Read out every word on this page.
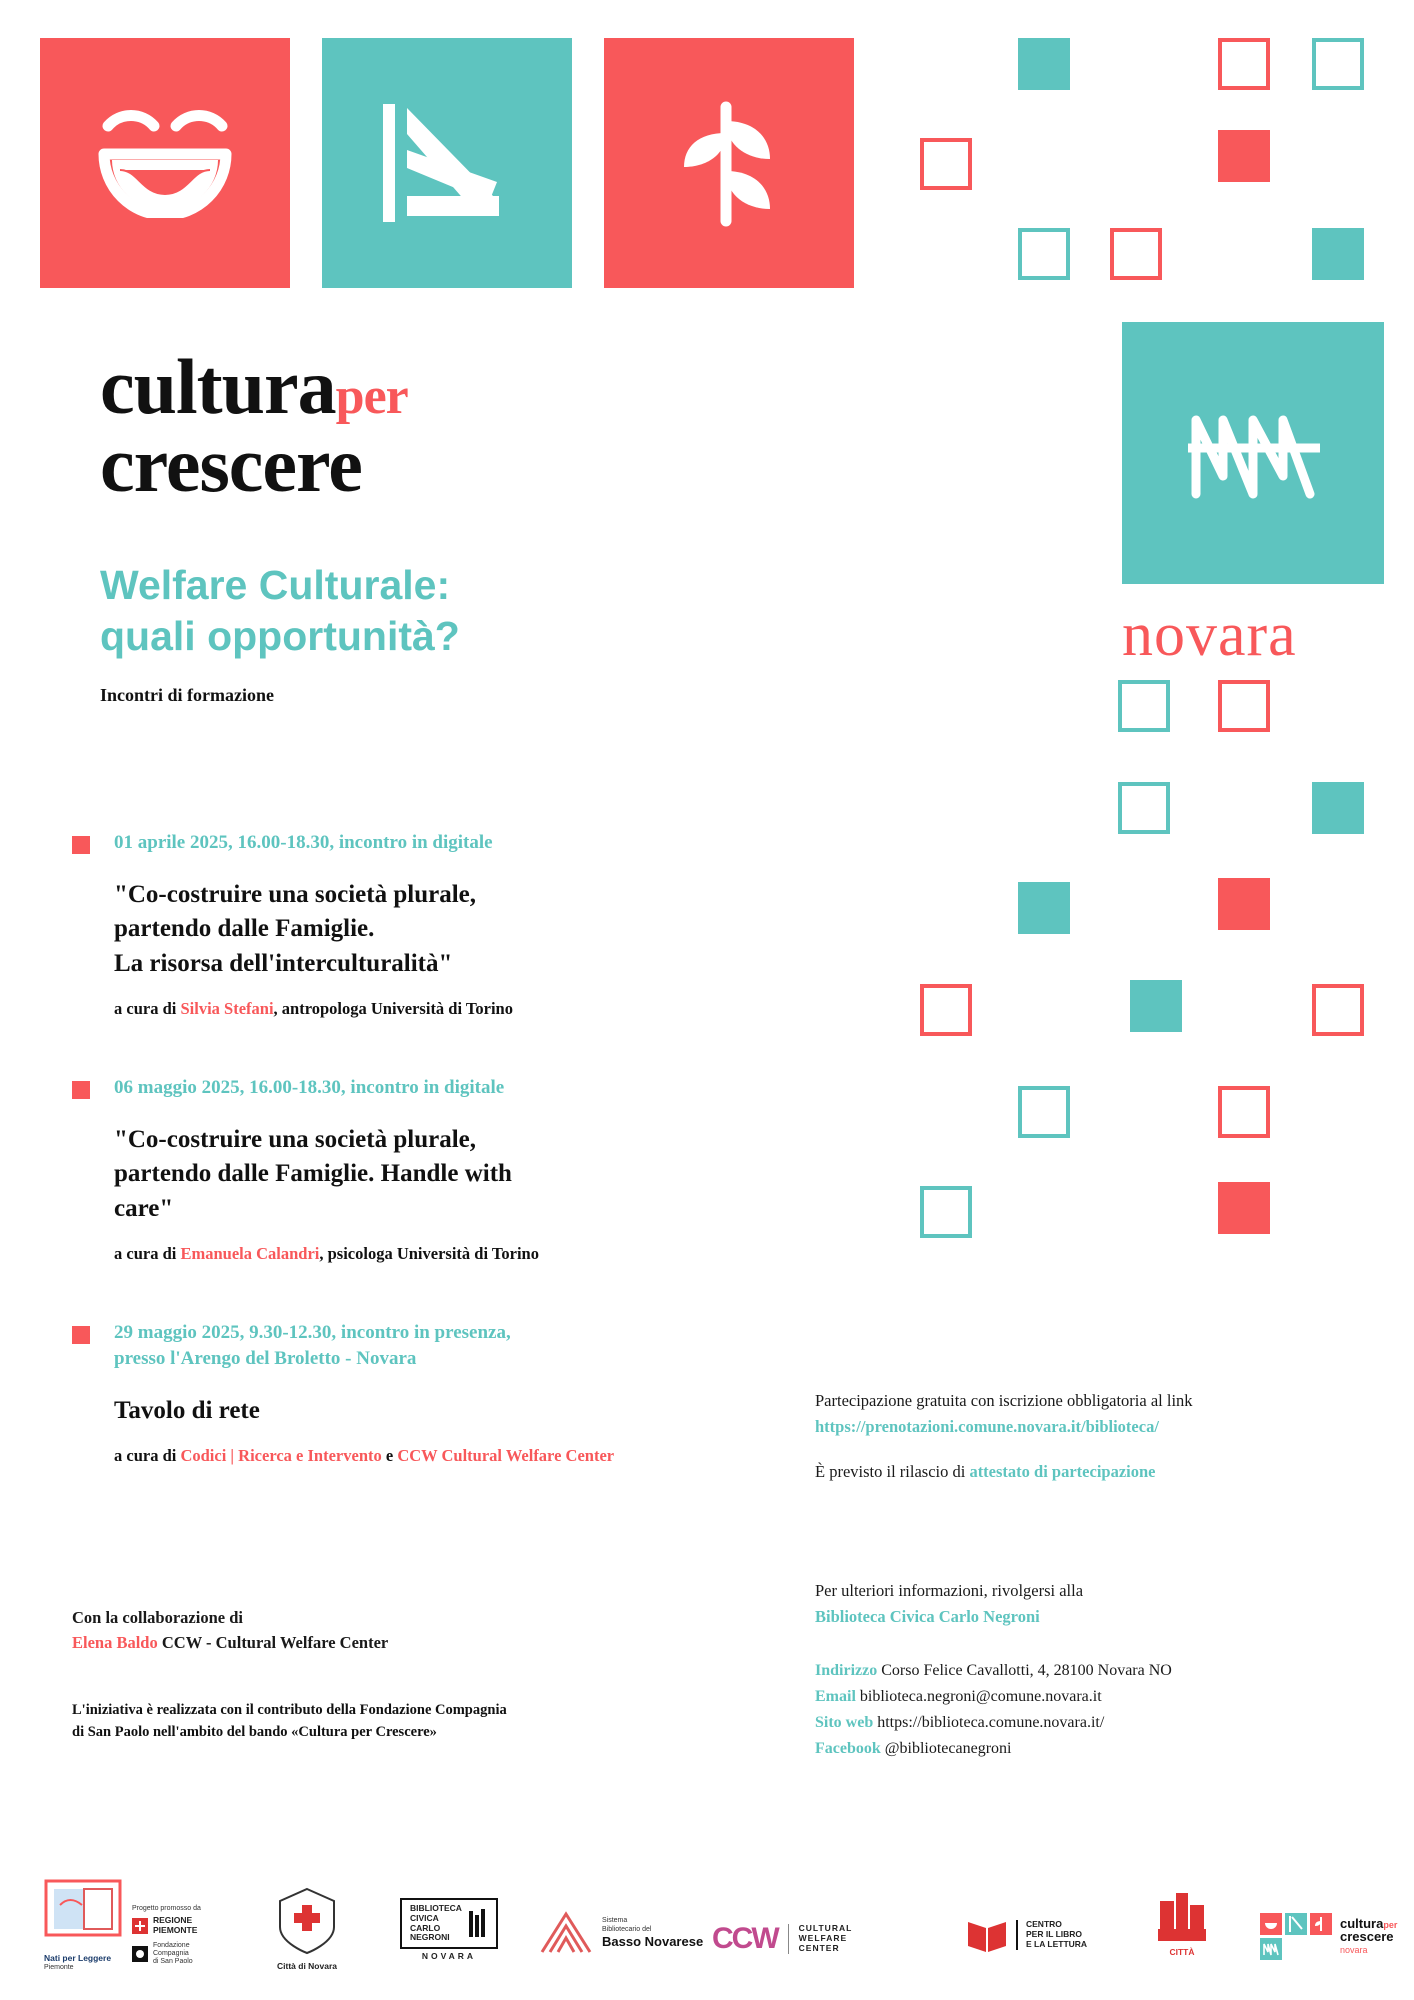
culturaper
crescere
Welfare Culturale:
quali opportunità?
Incontri di formazione
novara
01 aprile 2025, 16.00-18.30, incontro in digitale
"Co-costruire una società plurale,
partendo dalle Famiglie.
La risorsa dell'interculturalità"
a cura di Silvia Stefani, antropologa Università di Torino
06 maggio 2025, 16.00-18.30, incontro in digitale
"Co-costruire una società plurale,
partendo dalle Famiglie. Handle with
care"
a cura di Emanuela Calandri, psicologa Università di Torino
29 maggio 2025, 9.30-12.30, incontro in presenza,
presso l'Arengo del Broletto - Novara
Tavolo di rete
a cura di Codici | Ricerca e Intervento e CCW Cultural Welfare Center
Con la collaborazione di
Elena Baldo CCW - Cultural Welfare Center
L'iniziativa è realizzata con il contributo della Fondazione Compagnia
di San Paolo nell'ambito del bando «Cultura per Crescere»

Partecipazione gratuita con iscrizione obbligatoria al link
https://prenotazioni.comune.novara.it/biblioteca/

È previsto il rilascio di attestato di partecipazione

Per ulteriori informazioni, rivolgersi alla
Biblioteca Civica Carlo Negroni
Indirizzo Corso Felice Cavallotti, 4, 28100 Novara NO
Email biblioteca.negroni@comune.novara.it
Sito web https://biblioteca.comune.novara.it/
Facebook @bibliotecanegroni
Nati per Leggere
Piemonte
Progetto promosso da
REGIONE
PIEMONTE
Fondazione
Compagnia
di San Paolo	Città di Novara
BIBLIOTECA
CIVICA
CARLO
NEGRONI
NOVARA
Sistema
Bibliotecario del
Basso Novarese CCW CULTURAL
WELFARE
CENTER
CENTRO
PER IL LIBRO
E LA LETTURA
CITTÀ
culturaper
crescere
novara
